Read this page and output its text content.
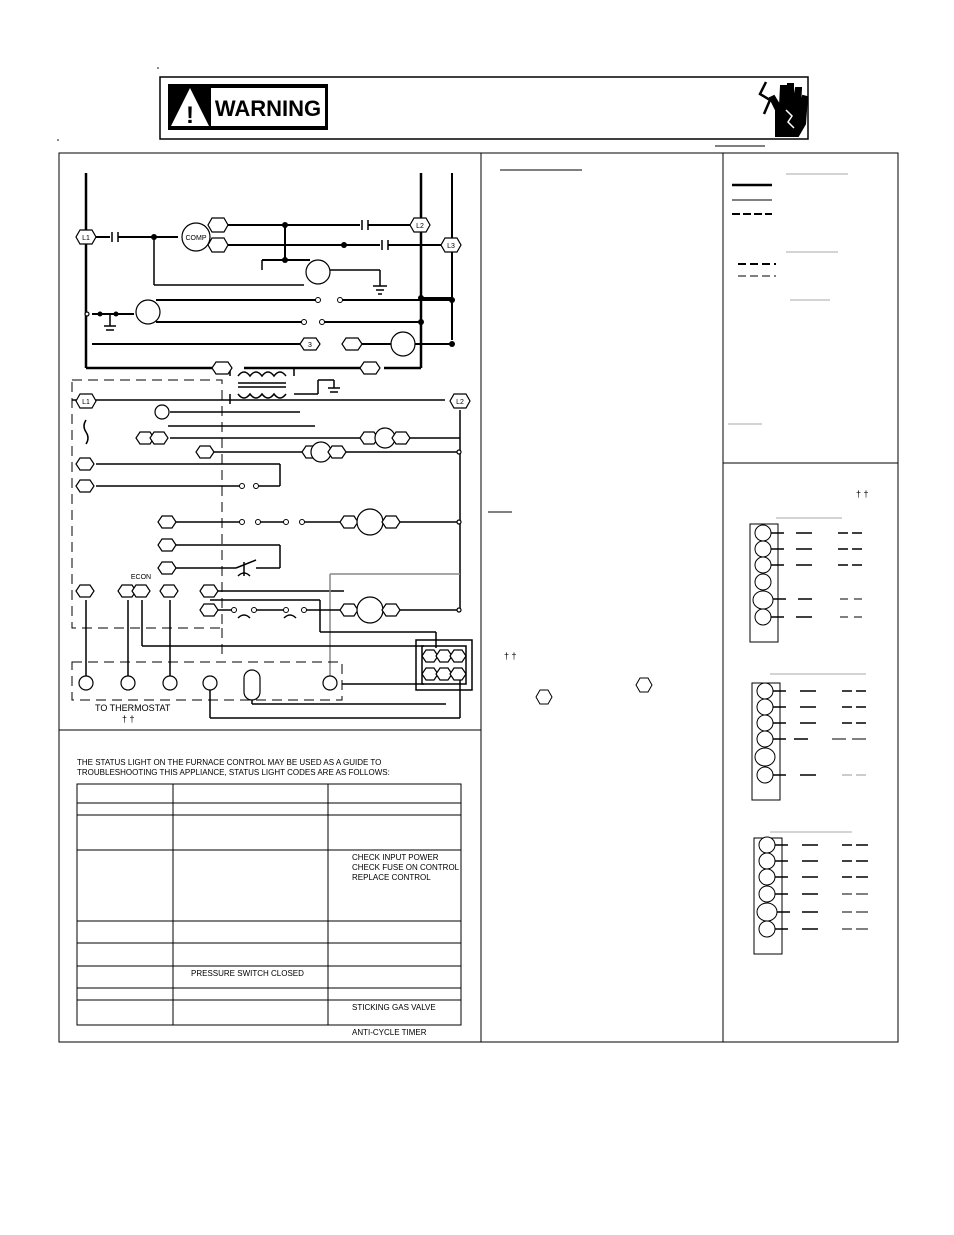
! WARNING
L1	COMP
L2
L3
3
L1	L2
ECON
TO THERMOSTAT
† †
THE STATUS LIGHT ON THE FURNACE CONTROL MAY BE USED AS A GUIDE TO
TROUBLESHOOTING THIS APPLIANCE, STATUS LIGHT CODES ARE AS FOLLOWS:
CHECK INPUT POWER
CHECK FUSE ON CONTROL
REPLACE CONTROL
PRESSURE SWITCH CLOSED
STICKING GAS VALVE
ANTI-CYCLE TIMER
† †
† †
